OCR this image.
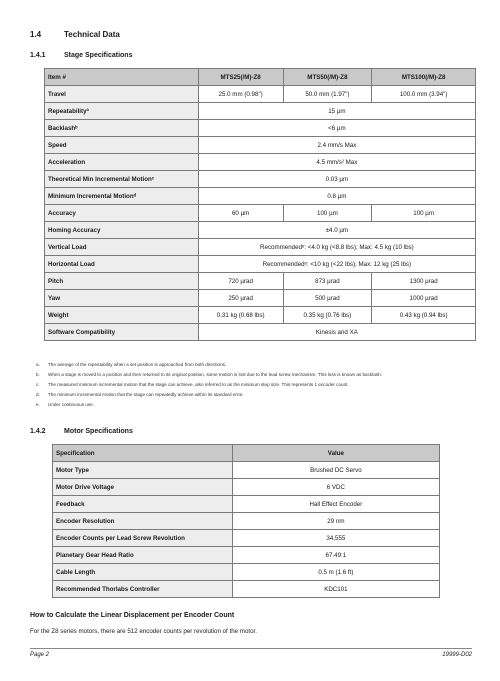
1.4	Technical Data
1.4.1	Stage Specifications
Item #	MTS25(/M)-Z8	MTS50(/M)-Z8	MTS100(/M)-Z8
Travel	25.0 mm (0.98")	50.0 mm (1.97")	100.0 mm (3.94")
Repeatabilityª	15 µm		
Backlashᵇ	<6 µm		
Speed	2.4 mm/s Max		
Acceleration	4.5 mm/s² Max		
Theoretical Min Incremental Motionᶜ	0.03 µm		
Minimum Incremental Motionᵈ	0.8 µm		
Accuracy	60 µm	100 µm	100 µm
Homing Accuracy	±4.0 µm		
Vertical Load	Recommendedᵉ: <4.0 kg (<8.8 lbs); Max: 4.5 kg (10 lbs)		
Horizontal Load	Recommendedᵉ: <10 kg (<22 lbs); Max: 12 kg (25 lbs)		
Pitch	720 µrad	873 µrad	1300 µrad
Yaw	250 µrad	500 µrad	1000 µrad
Weight	0.31 kg (0.68 lbs)	0.35 kg (0.76 lbs)	0.43 kg (0.94 lbs)
Software Compatibility	Kinesis and XA		
a.	The average of the repeatability when a set position is approached from both directions.
b.	When a stage is moved to a position and then returned to its original position, some motion is lost due to the lead screw mechanism. This loss is known as backlash.
c.	The measured minimum incremental motion that the stage can achieve, also referred to as the minimum step size. This represents 1 encoder count.
d.	The minimum incremental motion that the stage can repeatedly achieve within its standard error.
e.	Under continuous use.
1.4.2	Motor Specifications
Specification	Value
Motor Type	Brushed DC Servo
Motor Drive Voltage	6 VDC
Feedback	Hall Effect Encoder
Encoder Resolution	29 nm
Encoder Counts per Lead Screw Revolution	34,555
Planetary Gear Head Ratio	67.49:1
Cable Length	0.5 m (1.6 ft)
Recommended Thorlabs Controller	KDC101
How to Calculate the Linear Displacement per Encoder Count
For the Z8 series motors, there are 512 encoder counts per revolution of the motor.
Page 2	19999-D02
